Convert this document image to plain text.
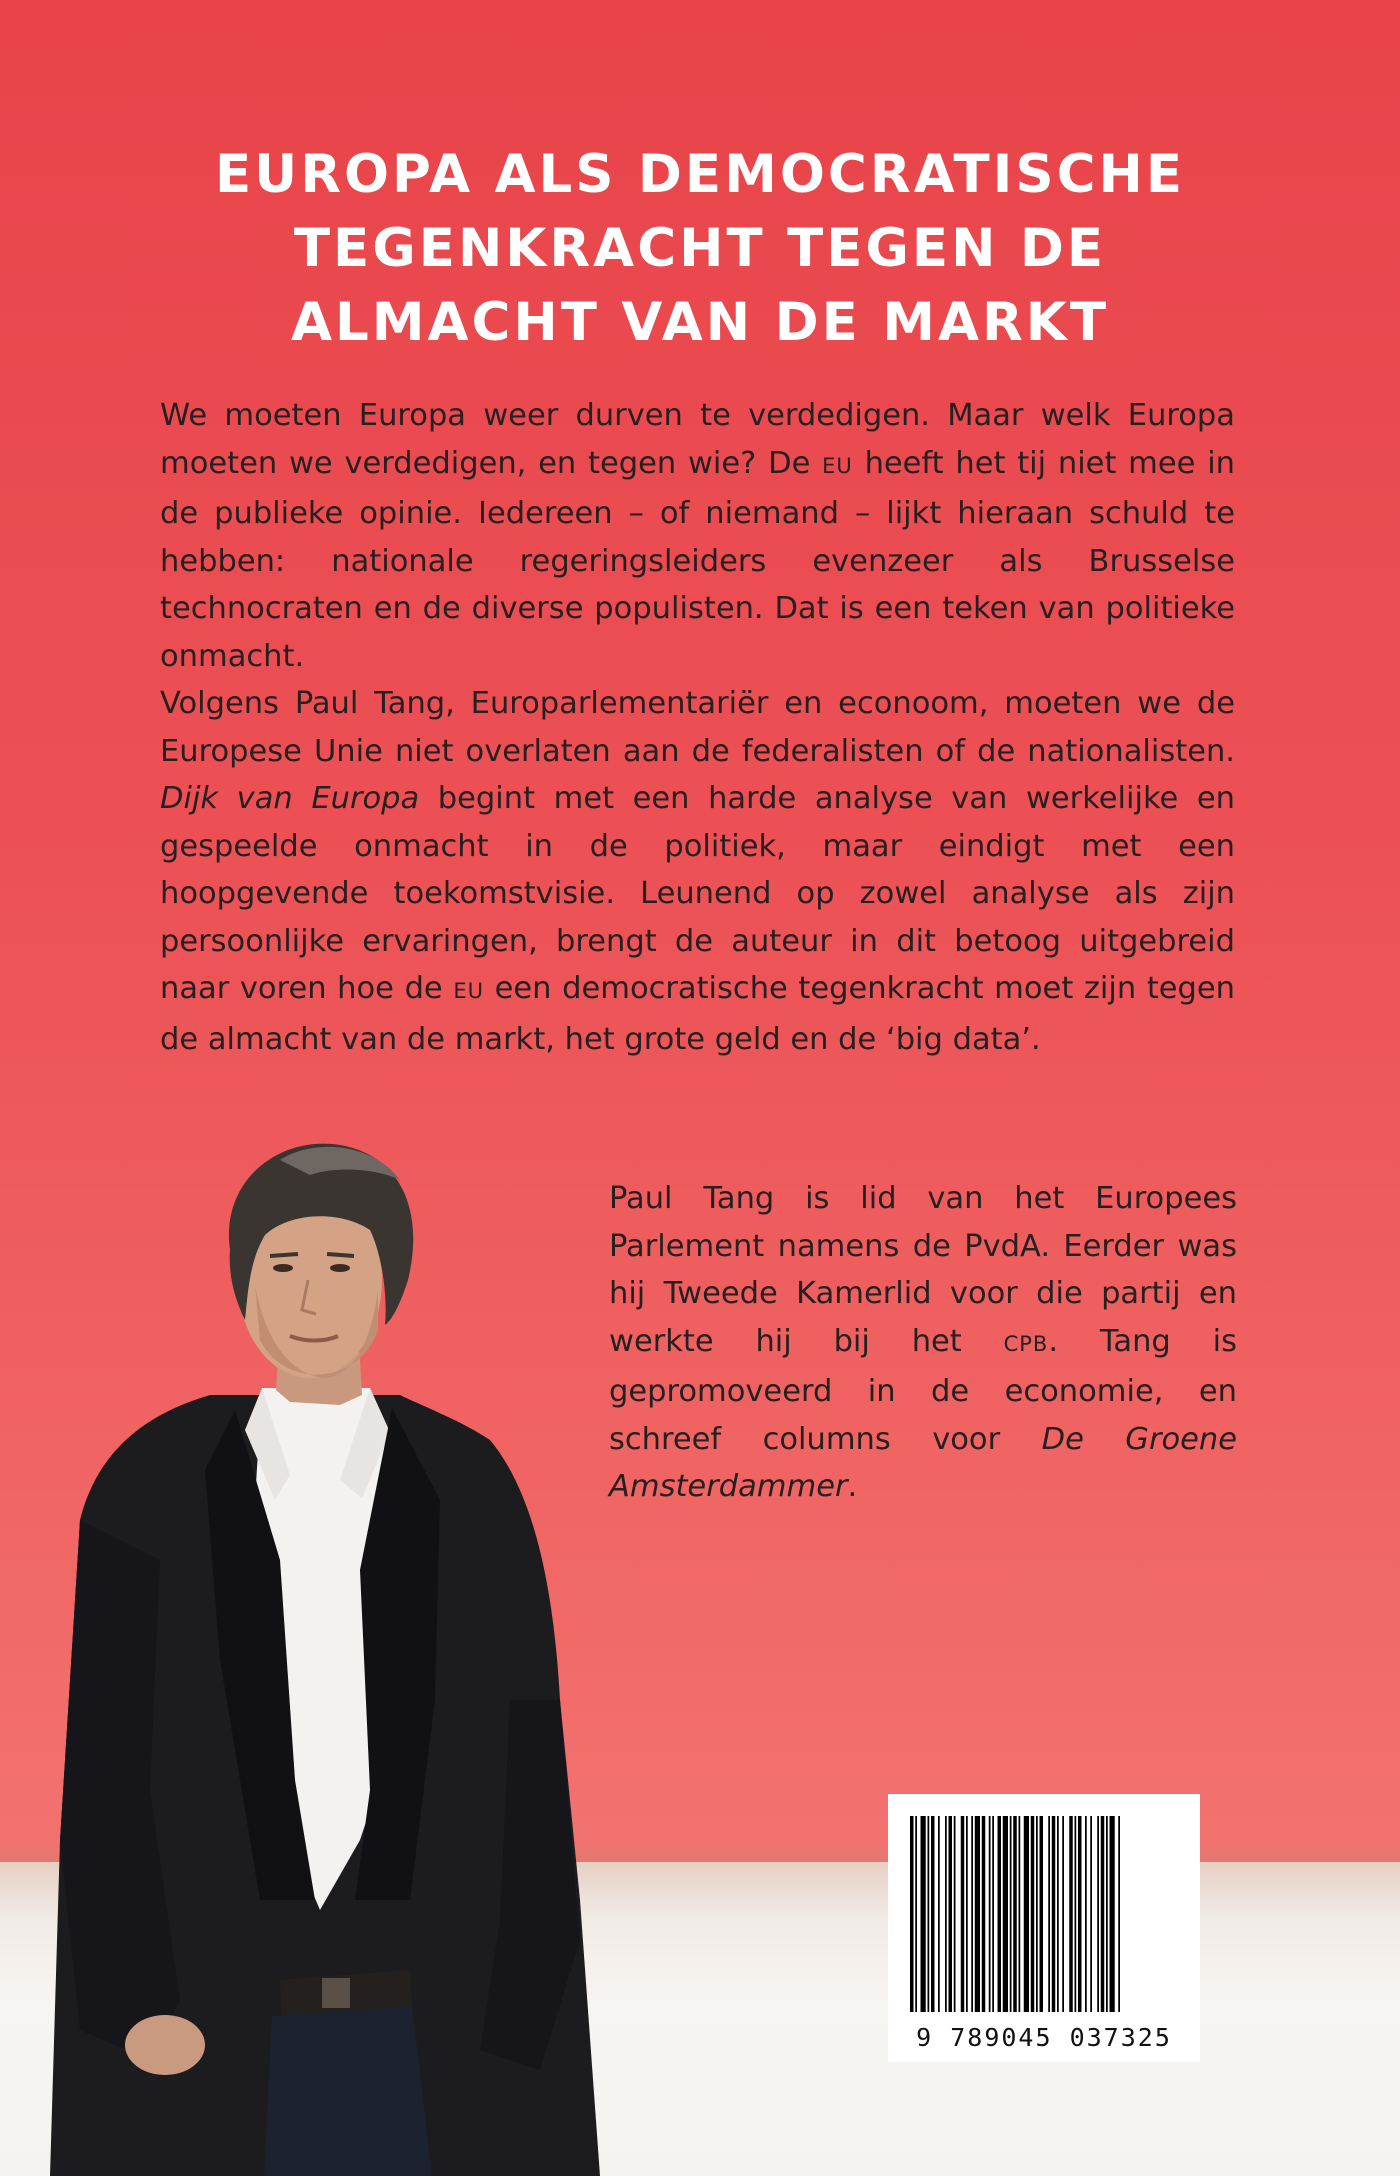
EUROPA ALS DEMOCRATISCHE
TEGENKRACHT TEGEN DE
ALMACHT VAN DE MARKT

We moeten Europa weer durven te verdedigen. Maar welk Europa moeten we verdedigen, en tegen wie? De EU heeft het tij niet mee in de publieke opinie. Iedereen – of niemand – lijkt hieraan schuld te hebben: nationale regeringsleiders evenzeer als Brusselse technocraten en de diverse populisten. Dat is een teken van politieke onmacht.

Volgens Paul Tang, Europarlementariër en econoom, moeten we de Europese Unie niet overlaten aan de federalisten of de nationalisten. Dijk van Europa begint met een harde analyse van werkelijke en gespeelde onmacht in de politiek, maar eindigt met een hoopgevende toekomstvisie. Leunend op zowel analyse als zijn persoonlijke ervaringen, brengt de auteur in dit betoog uitgebreid naar voren hoe de EU een democratische tegenkracht moet zijn tegen de almacht van de markt, het grote geld en de ‘big data’.

Paul Tang is lid van het Europees Parlement namens de PvdA. Eerder was hij Tweede Kamerlid voor die partij en werkte hij bij het CPB. Tang is gepromoveerd in de economie, en schreef columns voor De Groene Amsterdammer.

9 789045 037325
